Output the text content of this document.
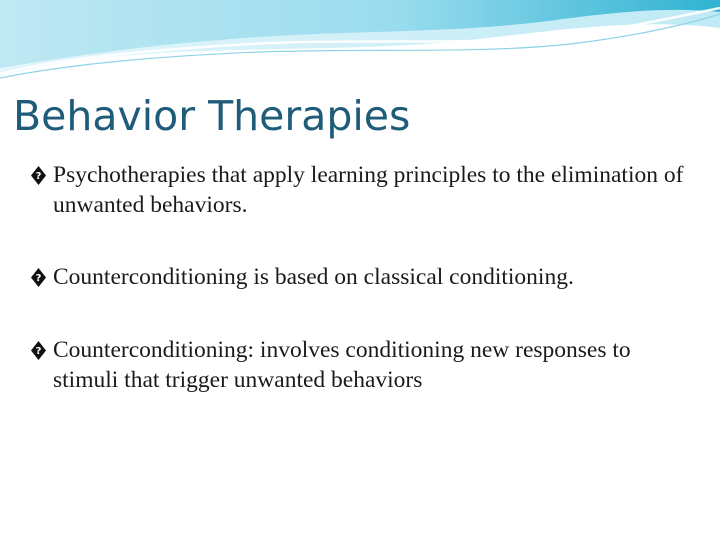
Behavior Therapies
? Psychotherapies that apply learning principles to the elimination of unwanted behaviors.
? Counterconditioning is based on classical conditioning.
? Counterconditioning: involves conditioning new responses to stimuli that trigger unwanted behaviors
